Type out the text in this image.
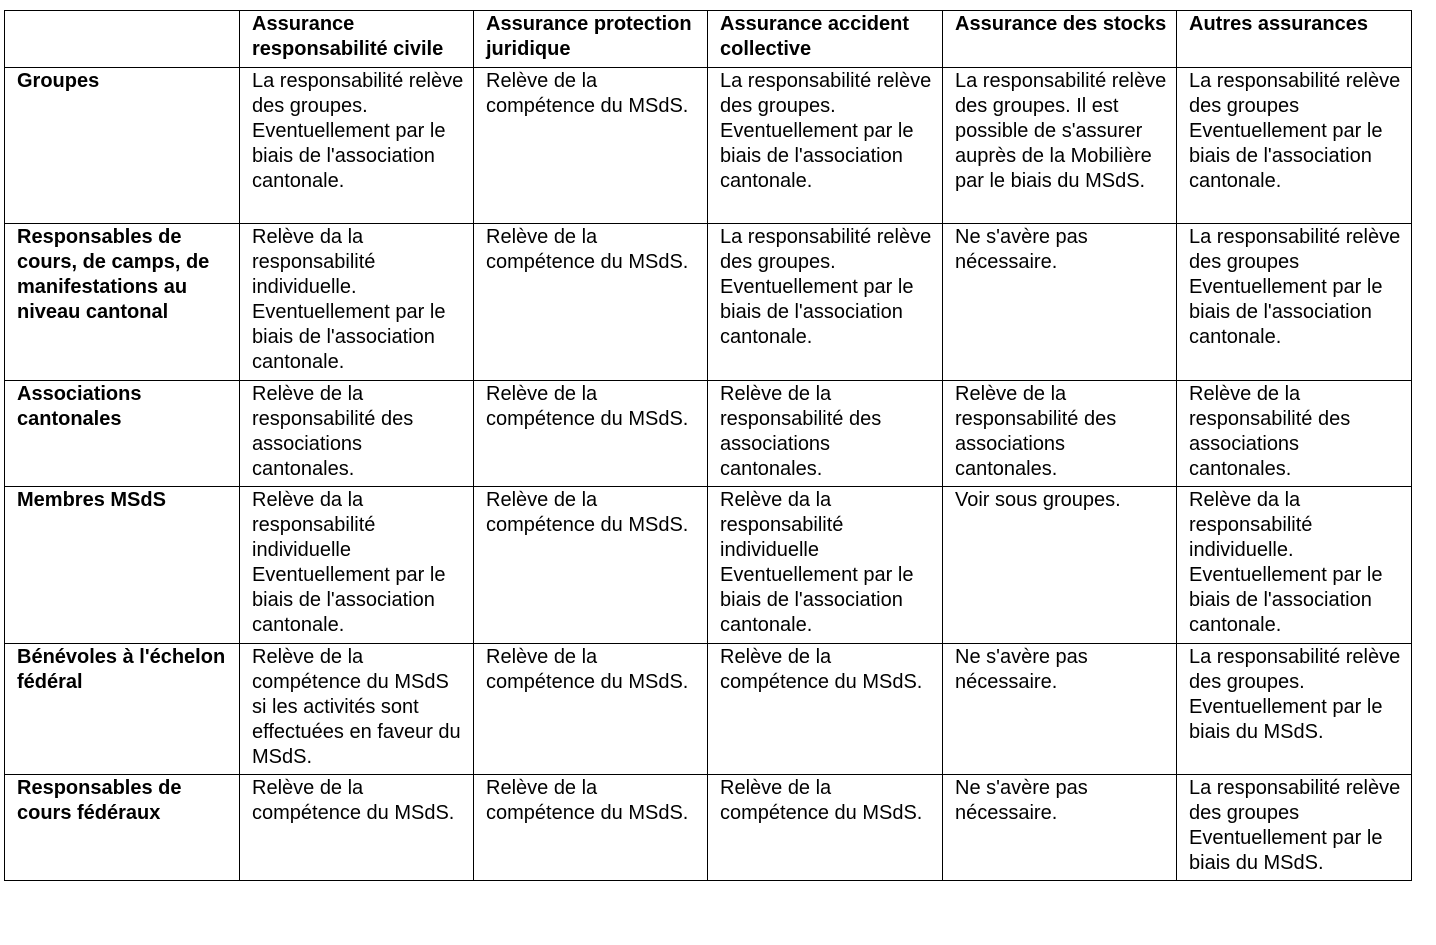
	Assurance responsabilité civile	Assurance protection juridique	Assurance accident collective	Assurance des stocks	Autres assurances
Groupes	La responsabilité relève des groupes. Eventuellement par le biais de l'association cantonale.	Relève de la compétence du MSdS.	La responsabilité relève des groupes. Eventuellement par le biais de l'association cantonale.	La responsabilité relève des groupes. Il est possible de s'assurer auprès de la Mobilière par le biais du MSdS.	La responsabilité relève des groupes Eventuellement par le biais de l'association cantonale.
Responsables de cours, de camps, de manifestations au niveau cantonal	Relève da la responsabilité individuelle. Eventuellement par le biais de l'association cantonale.	Relève de la compétence du MSdS.	La responsabilité relève des groupes. Eventuellement par le biais de l'association cantonale.	Ne s'avère pas nécessaire.	La responsabilité relève des groupes Eventuellement par le biais de l'association cantonale.
Associations cantonales	Relève de la responsabilité des associations cantonales.	Relève de la compétence du MSdS.	Relève de la responsabilité des associations cantonales.	Relève de la responsabilité des associations cantonales.	Relève de la responsabilité des associations cantonales.
Membres MSdS	Relève da la responsabilité individuelle Eventuellement par le biais de l'association cantonale.	Relève de la compétence du MSdS.	Relève da la responsabilité individuelle Eventuellement par le biais de l'association cantonale.	Voir sous groupes.	Relève da la responsabilité individuelle. Eventuellement par le biais de l'association cantonale.
Bénévoles à l'échelon fédéral	Relève de la compétence du MSdS si les activités sont effectuées en faveur du MSdS.	Relève de la compétence du MSdS.	Relève de la compétence du MSdS.	Ne s'avère pas nécessaire.	La responsabilité relève des groupes. Eventuellement par le biais du MSdS.
Responsables de cours fédéraux	Relève de la compétence du MSdS.	Relève de la compétence du MSdS.	Relève de la compétence du MSdS.	Ne s'avère pas nécessaire.	La responsabilité relève des groupes Eventuellement par le biais du MSdS.
